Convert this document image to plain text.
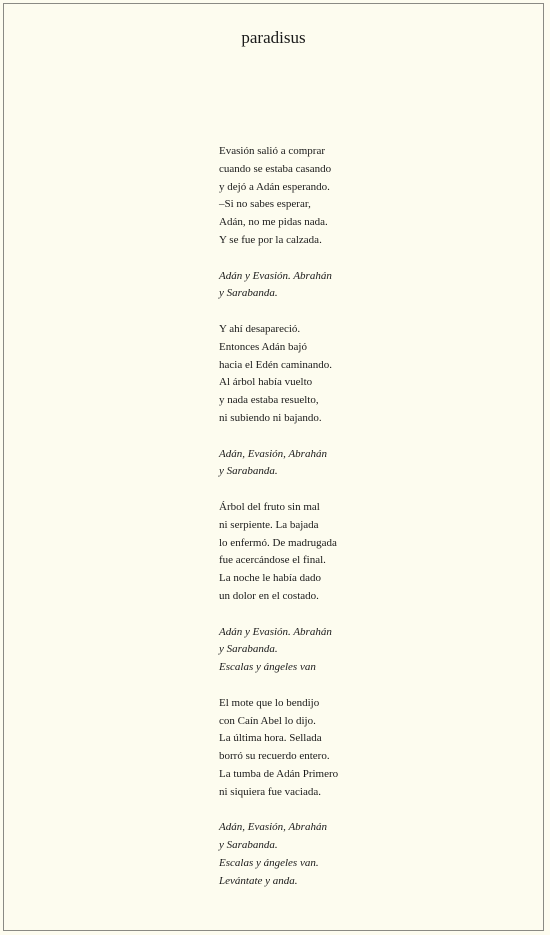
paradisus
Evasión salió a comprar
cuando se estaba casando
y dejó a Adán esperando.
–Si no sabes esperar,
Adán, no me pidas nada.
Y se fue por la calzada.
Adán y Evasión. Abrahán
y Sarabanda.
Y ahí desapareció.
Entonces Adán bajó
hacia el Edén caminando.
Al árbol había vuelto
y nada estaba resuelto,
ni subiendo ni bajando.
Adán, Evasión, Abrahán
y Sarabanda.
Árbol del fruto sin mal
ni serpiente. La bajada
lo enfermó. De madrugada
fue acercándose el final.
La noche le había dado
un dolor en el costado.
Adán y Evasión. Abrahán
y Sarabanda.
Escalas y ángeles van
El mote que lo bendijo
con Caín Abel lo dijo.
La última hora. Sellada
borró su recuerdo entero.
La tumba de Adán Primero
ni siquiera fue vaciada.
Adán, Evasión, Abrahán
y Sarabanda.
Escalas y ángeles van.
Levántate y anda.
